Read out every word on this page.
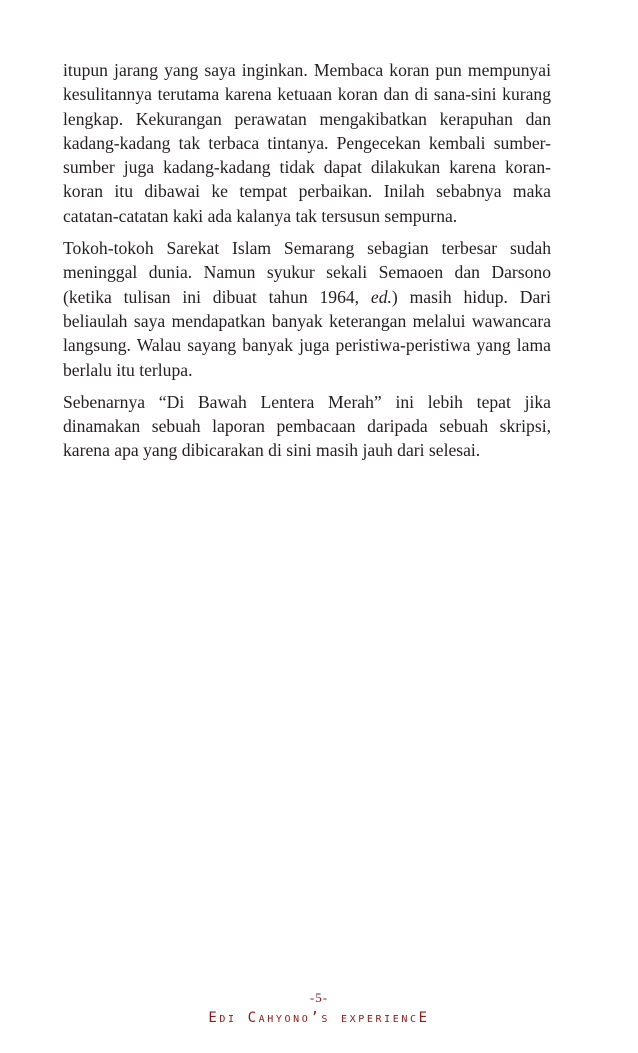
itupun jarang yang saya inginkan. Membaca koran pun mempunyai kesulitannya terutama karena ketuaan koran dan di sana-sini kurang lengkap. Kekurangan perawatan mengakibatkan kerapuhan dan kadang-kadang tak terbaca tintanya. Pengecekan kembali sumber-sumber juga kadang-kadang tidak dapat dilakukan karena koran-koran itu dibawai ke tempat perbaikan. Inilah sebabnya maka catatan-catatan kaki ada kalanya tak tersusun sempurna.

Tokoh-tokoh Sarekat Islam Semarang sebagian terbesar sudah meninggal dunia. Namun syukur sekali Semaoen dan Darsono (ketika tulisan ini dibuat tahun 1964, ed.) masih hidup. Dari beliaulah saya mendapatkan banyak keterangan melalui wawancara langsung. Walau sayang banyak juga peristiwa-peristiwa yang lama berlalu itu terlupa.

Sebenarnya “Di Bawah Lentera Merah” ini lebih tepat jika dinamakan sebuah laporan pembacaan daripada sebuah skripsi, karena apa yang dibicarakan di sini masih jauh dari selesai.

-5-
Edi Cahyono’s experiencE
